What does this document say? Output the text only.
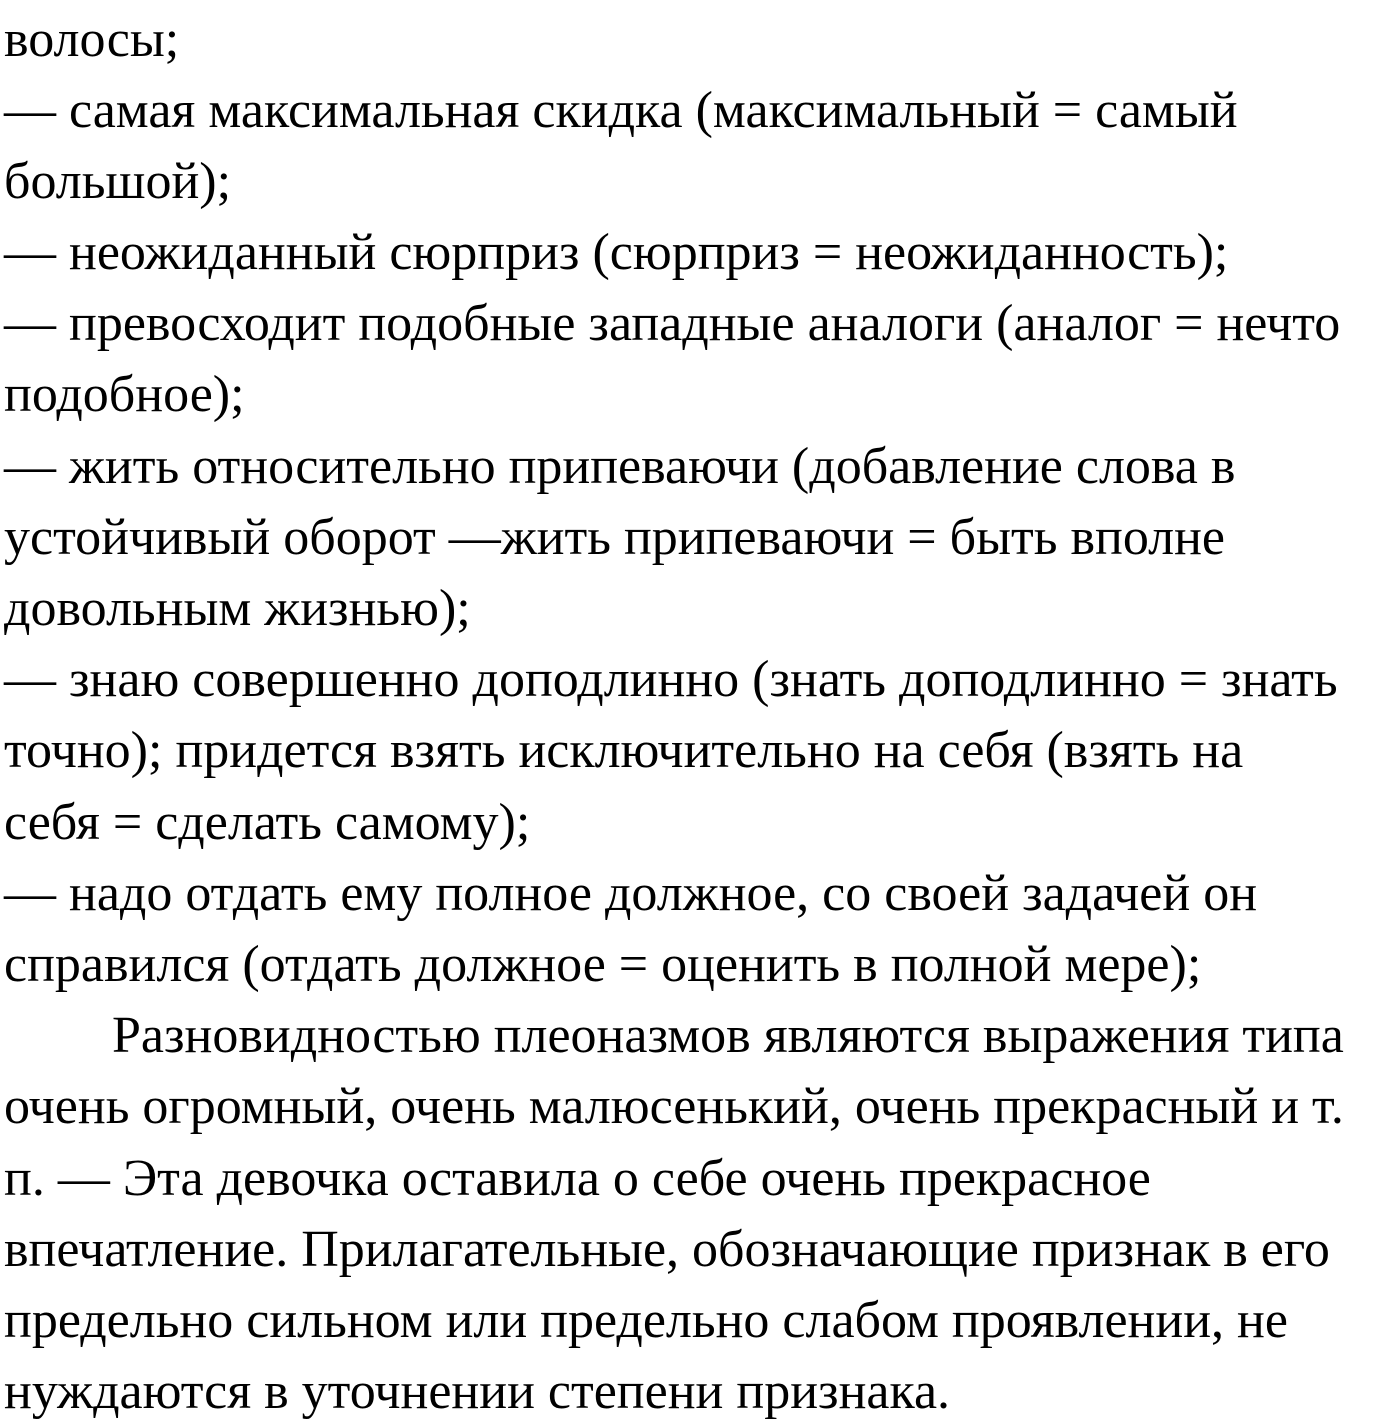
волосы;

— самая максимальная скидка (максимальный = самый

большой);

— неожиданный сюрприз (сюрприз = неожиданность);

— превосходит подобные западные аналоги (аналог = нечто

подобное);

— жить относительно припеваючи (добавление слова в

устойчивый оборот —жить припеваючи = быть вполне

довольным жизнью);

— знаю совершенно доподлинно (знать доподлинно = знать

точно); придется взять исключительно на себя (взять на

себя = сделать самому);

— надо отдать ему полное должное, со своей задачей он

справился (отдать должное = оценить в полной мере);

Разновидностью плеоназмов являются выражения типа

очень огромный, очень малюсенький, очень прекрасный и т.

п. — Эта девочка оставила о себе очень прекрасное

впечатление. Прилагательные, обозначающие признак в его

предельно сильном или предельно слабом проявлении, не

нуждаются в уточнении степени признака.
